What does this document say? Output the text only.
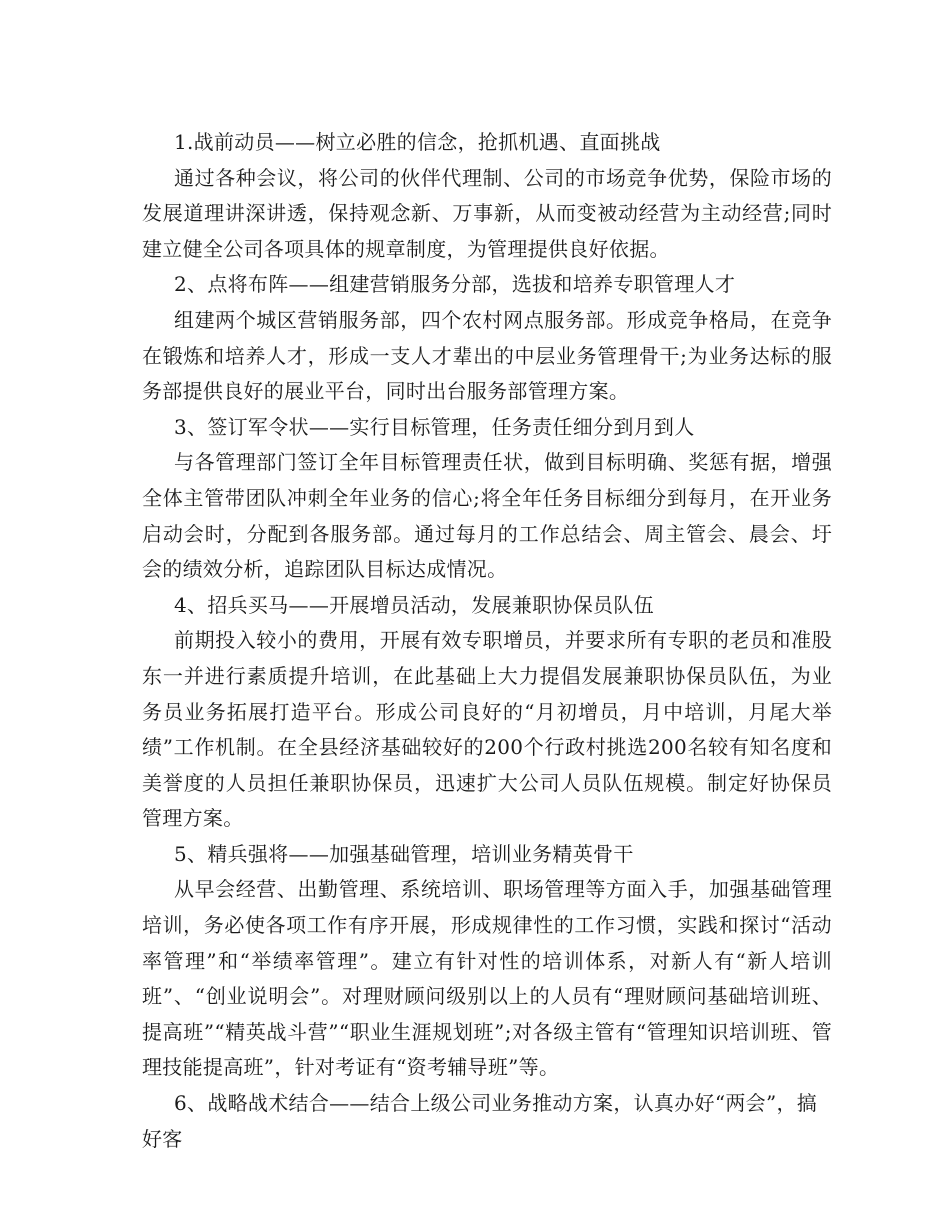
1.战前动员——树立必胜的信念，抢抓机遇、直面挑战

通过各种会议，将公司的伙伴代理制、公司的市场竞争优势，保险市场的发展道理讲深讲透，保持观念新、万事新，从而变被动经营为主动经营;同时建立健全公司各项具体的规章制度，为管理提供良好依据。

2、点将布阵——组建营销服务分部，选拔和培养专职管理人才

组建两个城区营销服务部，四个农村网点服务部。形成竞争格局，在竞争在锻炼和培养人才，形成一支人才辈出的中层业务管理骨干;为业务达标的服务部提供良好的展业平台，同时出台服务部管理方案。

3、签订军令状——实行目标管理，任务责任细分到月到人

与各管理部门签订全年目标管理责任状，做到目标明确、奖惩有据，增强全体主管带团队冲刺全年业务的信心;将全年任务目标细分到每月，在开业务启动会时，分配到各服务部。通过每月的工作总结会、周主管会、晨会、圩会的绩效分析，追踪团队目标达成情况。

4、招兵买马——开展增员活动，发展兼职协保员队伍

前期投入较小的费用，开展有效专职增员，并要求所有专职的老员和准股东一并进行素质提升培训，在此基础上大力提倡发展兼职协保员队伍，为业务员业务拓展打造平台。形成公司良好的“月初增员，月中培训，月尾大举绩”工作机制。在全县经济基础较好的200个行政村挑选200名较有知名度和美誉度的人员担任兼职协保员，迅速扩大公司人员队伍规模。制定好协保员管理方案。

5、精兵强将——加强基础管理，培训业务精英骨干

从早会经营、出勤管理、系统培训、职场管理等方面入手，加强基础管理培训，务必使各项工作有序开展，形成规律性的工作习惯，实践和探讨“活动率管理”和“举绩率管理”。建立有针对性的培训体系，对新人有“新人培训班”、“创业说明会”。对理财顾问级别以上的人员有“理财顾问基础培训班、提高班”“精英战斗营”“职业生涯规划班”;对各级主管有“管理知识培训班、管理技能提高班”，针对考证有“资考辅导班”等。

6、战略战术结合——结合上级公司业务推动方案，认真办好“两会”，搞好客
